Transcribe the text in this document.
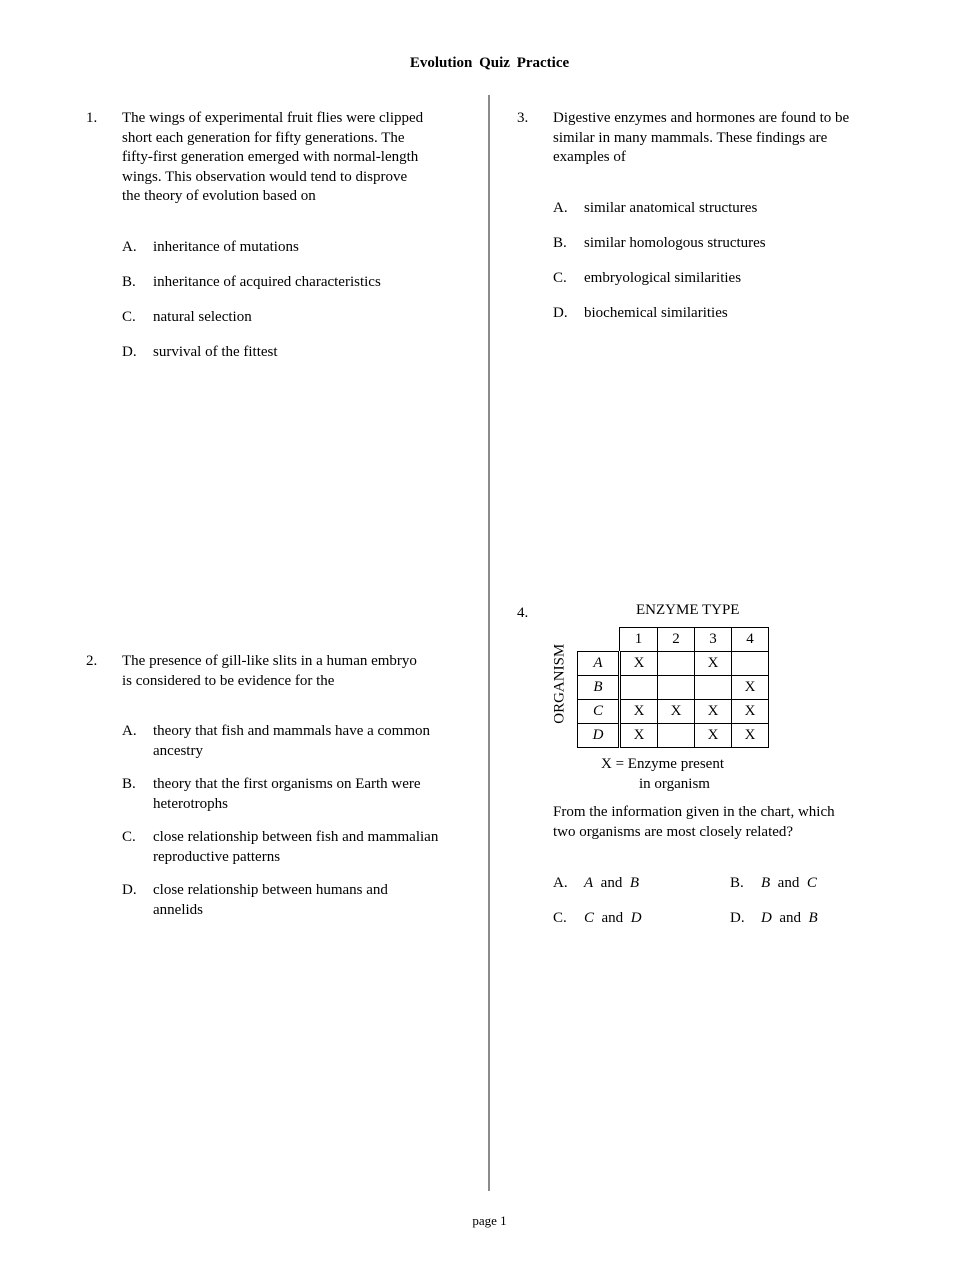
Evolution Quiz Practice
1. The wings of experimental fruit flies were clipped
short each generation for fifty generations. The
fifty-first generation emerged with normal-length
wings. This observation would tend to disprove
the theory of evolution based on
A. inheritance of mutations
B. inheritance of acquired characteristics
C. natural selection
D. survival of the fittest
2. The presence of gill-like slits in a human embryo
is considered to be evidence for the
A. theory that fish and mammals have a common
ancestry
B. theory that the first organisms on Earth were
heterotrophs
C. close relationship between fish and mammalian
reproductive patterns
D. close relationship between humans and
annelids
3. Digestive enzymes and hormones are found to be
similar in many mammals. These findings are
examples of
A. similar anatomical structures
B. similar homologous structures
C. embryological similarities
D. biochemical similarities
4.	ENZYME TYPE
ORGANISM
	1	2	3	4
A	X		X	
B				X
C	X	X	X	X
D	X		X	X
X = Enzyme present
in organism
From the information given in the chart, which
two organisms are most closely related?
A. A and B	B. B and C
C. C and D	D. D and B
page 1
